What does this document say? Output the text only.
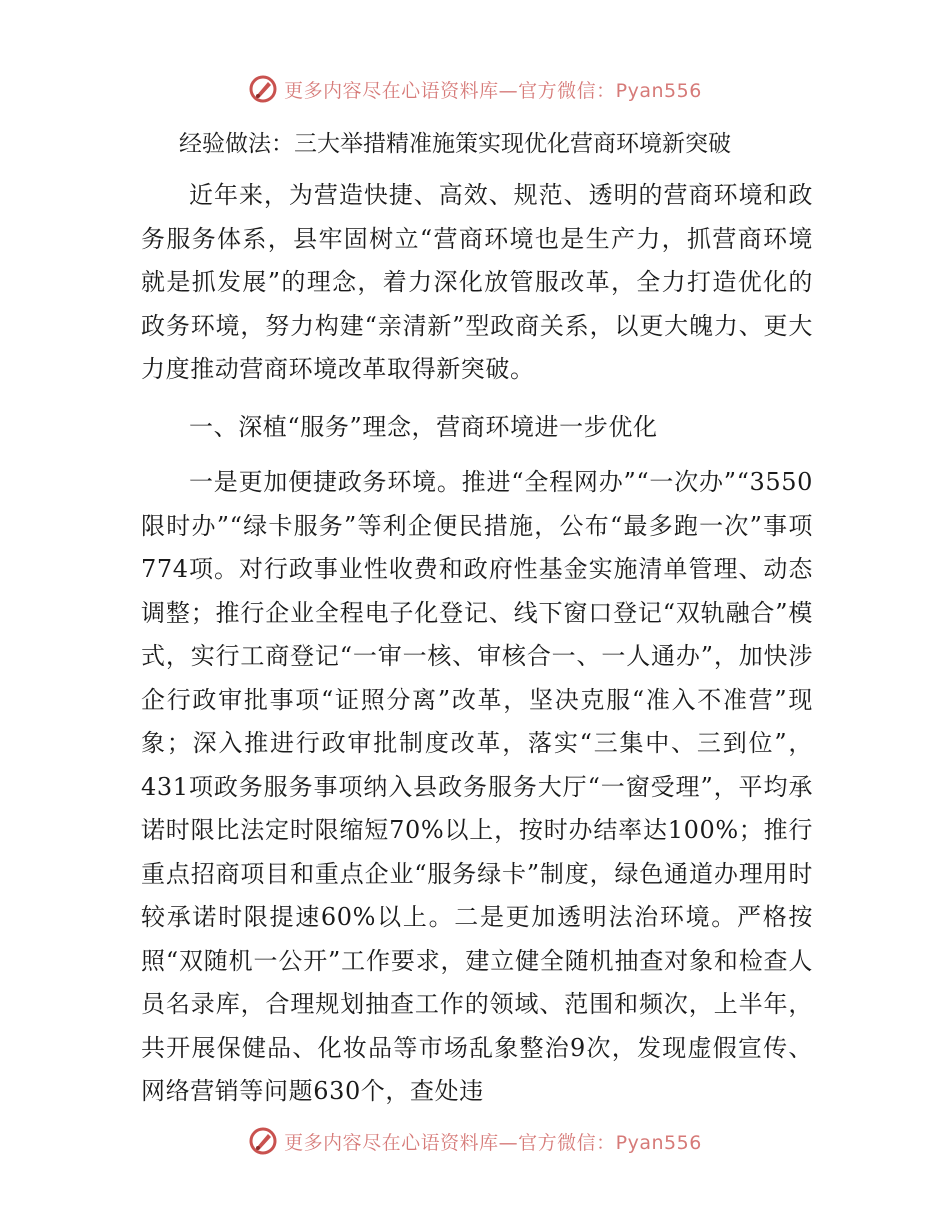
更多内容尽在心语资料库—官方微信：Pyan556

经验做法：三大举措精准施策实现优化营商环境新突破

近年来，为营造快捷、高效、规范、透明的营商环境和政务服务体系，县牢固树立“营商环境也是生产力，抓营商环境就是抓发展”的理念，着力深化放管服改革，全力打造优化的政务环境，努力构建“亲清新”型政商关系，以更大魄力、更大力度推动营商环境改革取得新突破。

一、深植“服务”理念，营商环境进一步优化

一是更加便捷政务环境。推进“全程网办”“一次办”“3550限时办”“绿卡服务”等利企便民措施，公布“最多跑一次”事项774项。对行政事业性收费和政府性基金实施清单管理、动态调整；推行企业全程电子化登记、线下窗口登记“双轨融合”模式，实行工商登记“一审一核、审核合一、一人通办”，加快涉企行政审批事项“证照分离”改革，坚决克服“准入不准营”现象；深入推进行政审批制度改革，落实“三集中、三到位”，431项政务服务事项纳入县政务服务大厅“一窗受理”，平均承诺时限比法定时限缩短70%以上，按时办结率达100%；推行重点招商项目和重点企业“服务绿卡”制度，绿色通道办理用时较承诺时限提速60%以上。二是更加透明法治环境。严格按照“双随机一公开”工作要求，建立健全随机抽查对象和检查人员名录库，合理规划抽查工作的领域、范围和频次，上半年，共开展保健品、化妆品等市场乱象整治9次，发现虚假宣传、网络营销等问题630个，查处违

更多内容尽在心语资料库—官方微信：Pyan556
